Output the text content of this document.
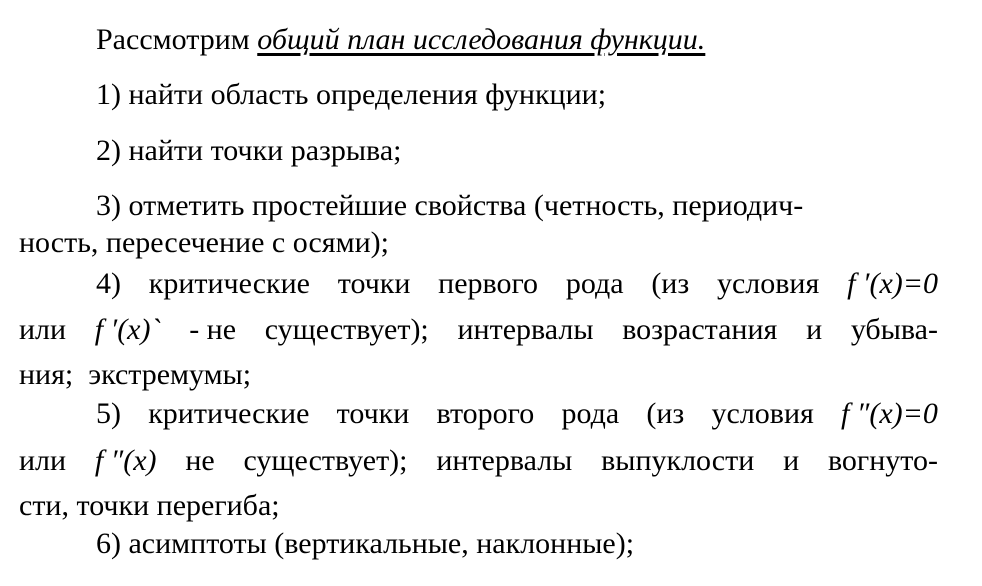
Рассмотрим общий план исследования функции.
1) найти область определения функции;
2) найти точки разрыва;
3) отметить простейшие свойства (четность, периодич-
ность, пересечение с осями);
4) критические точки первого рода (из условия f ′(x)=0
или f ′(x)` - не существует); интервалы возрастания и убыва-
ния;  экстремумы;
5) критические точки второго рода (из условия f ″(x)=0
или f ″(x) не существует); интервалы выпуклости и вогнуто-
сти, точки перегиба;
6) асимптоты (вертикальные, наклонные);
